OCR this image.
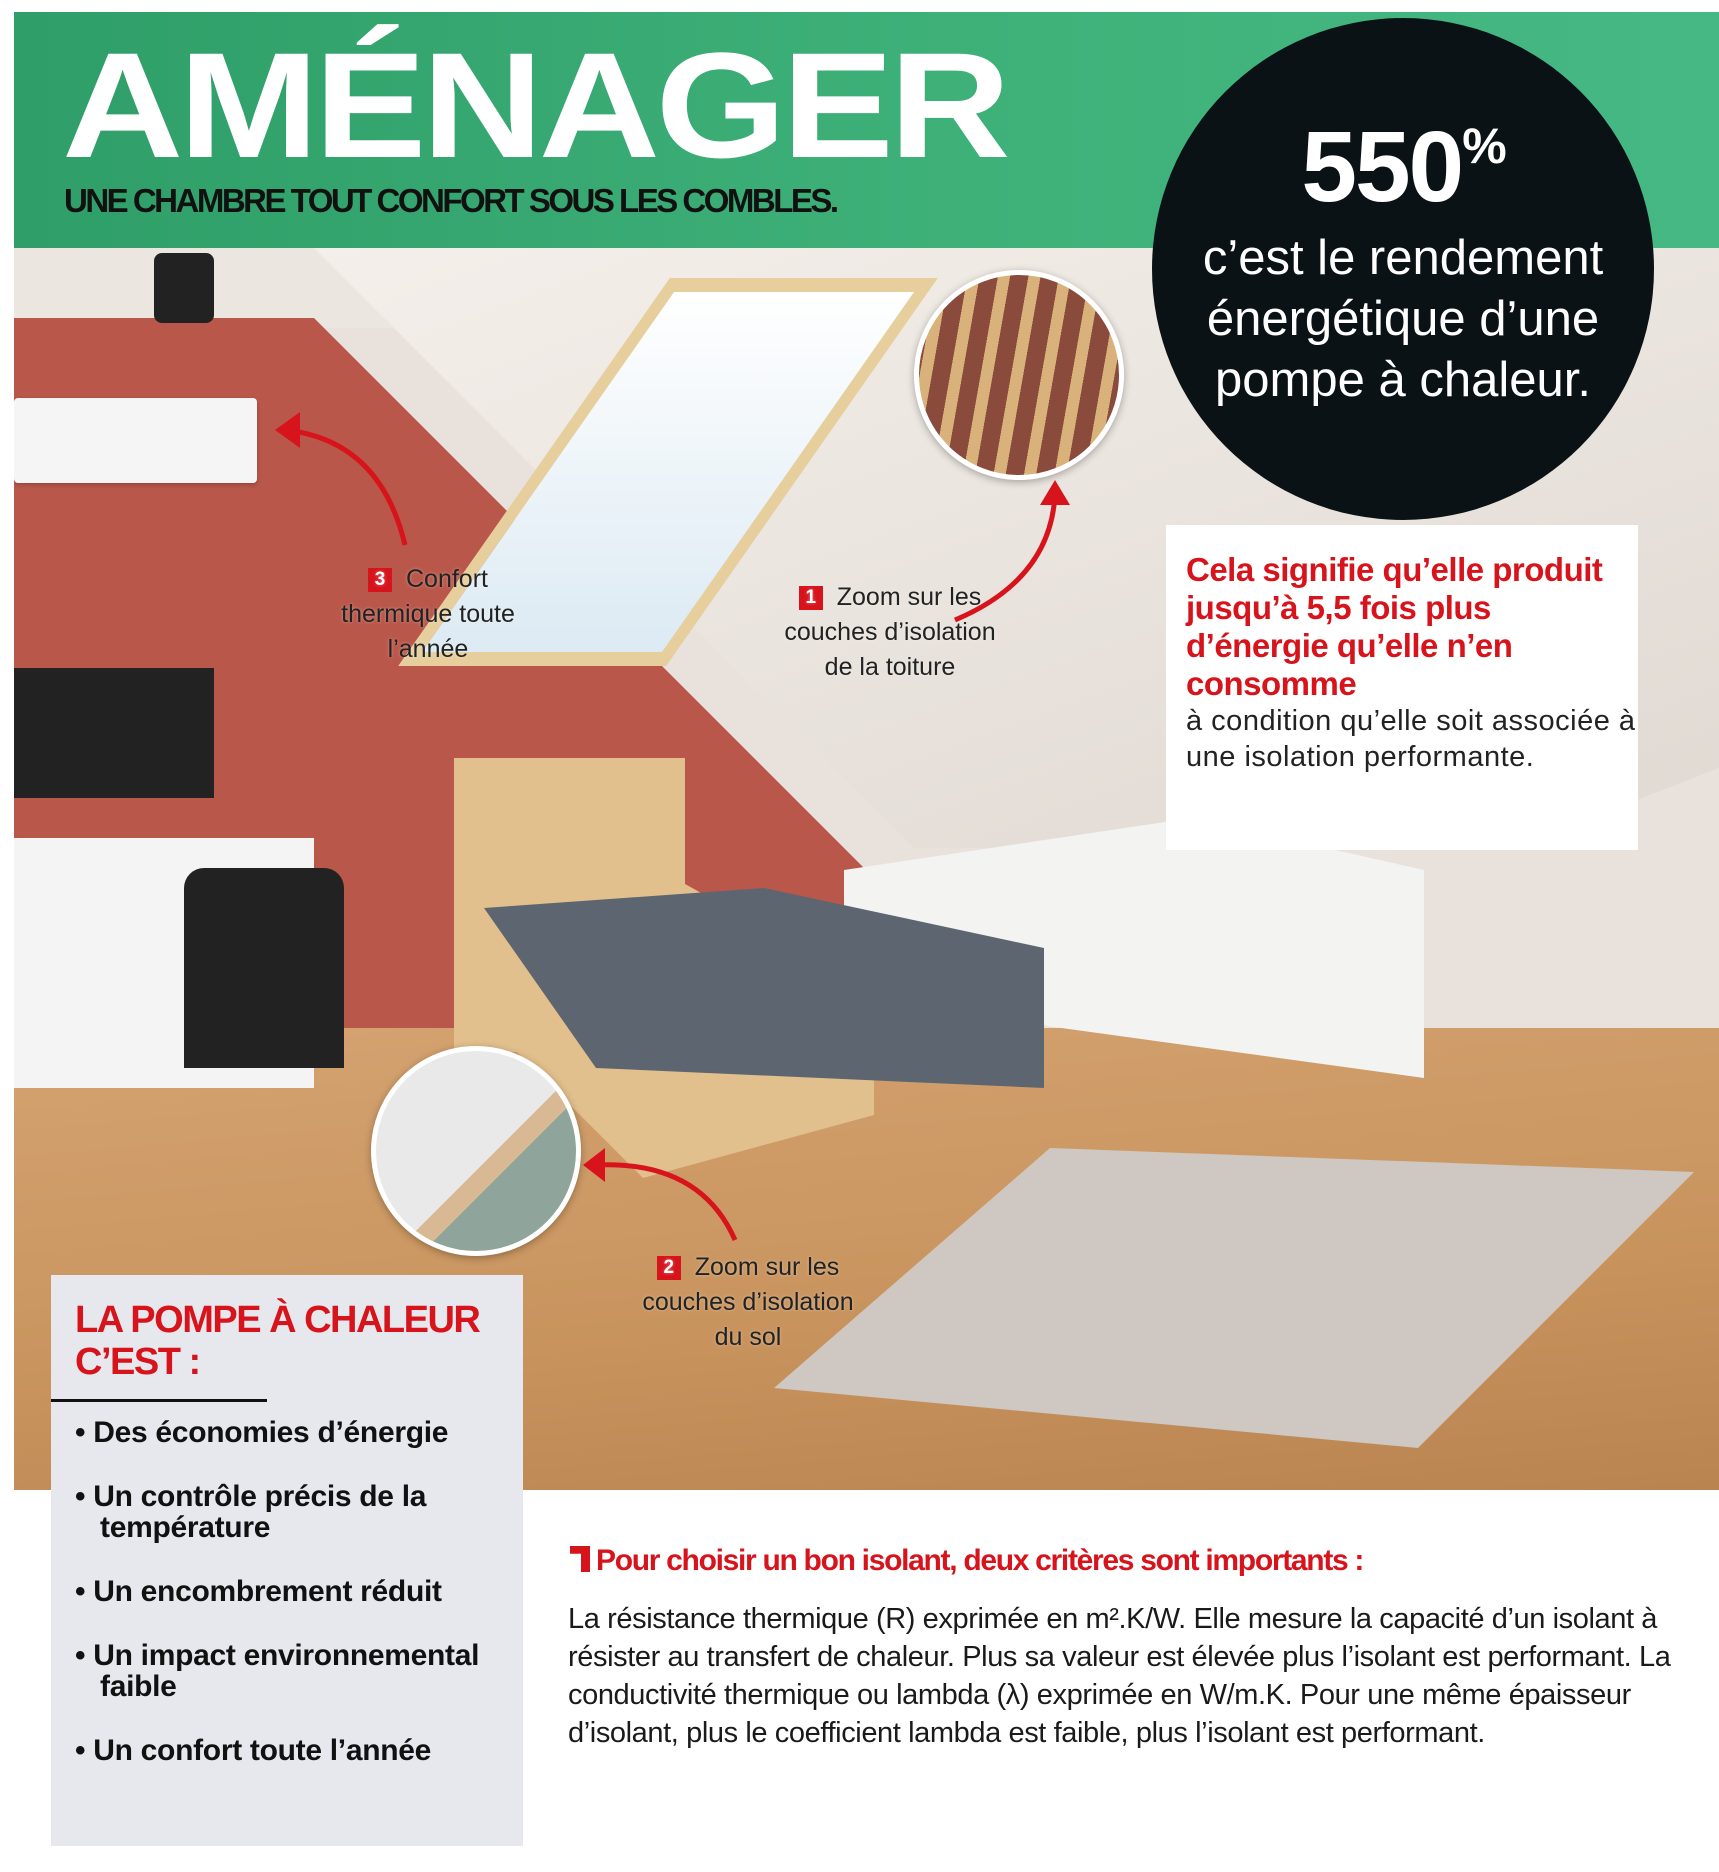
AMÉNAGER
UNE CHAMBRE TOUT CONFORT SOUS LES COMBLES.
3 Confort thermique toute l’année
1 Zoom sur les couches d’isolation de la toiture
2 Zoom sur les couches d’isolation du sol
550%
c’est le rendement énergétique d’une pompe à chaleur.
Cela signifie qu’elle produit jusqu’à 5,5 fois plus d’énergie qu’elle n’en consomme
à condition qu’elle soit associée à une isolation performante.
LA POMPE À CHALEUR C’EST :
• Des économies d’énergie
• Un contrôle précis de la température
• Un encombrement réduit
• Un impact environnemental faible
• Un confort toute l’année
Pour choisir un bon isolant, deux critères sont importants :
La résistance thermique (R) exprimée en m².K/W. Elle mesure la capacité d’un isolant à résister au transfert de chaleur. Plus sa valeur est élevée plus l’isolant est performant. La conductivité thermique ou lambda (λ) exprimée en W/m.K. Pour une même épaisseur d’isolant, plus le coefficient lambda est faible, plus l’isolant est performant.
